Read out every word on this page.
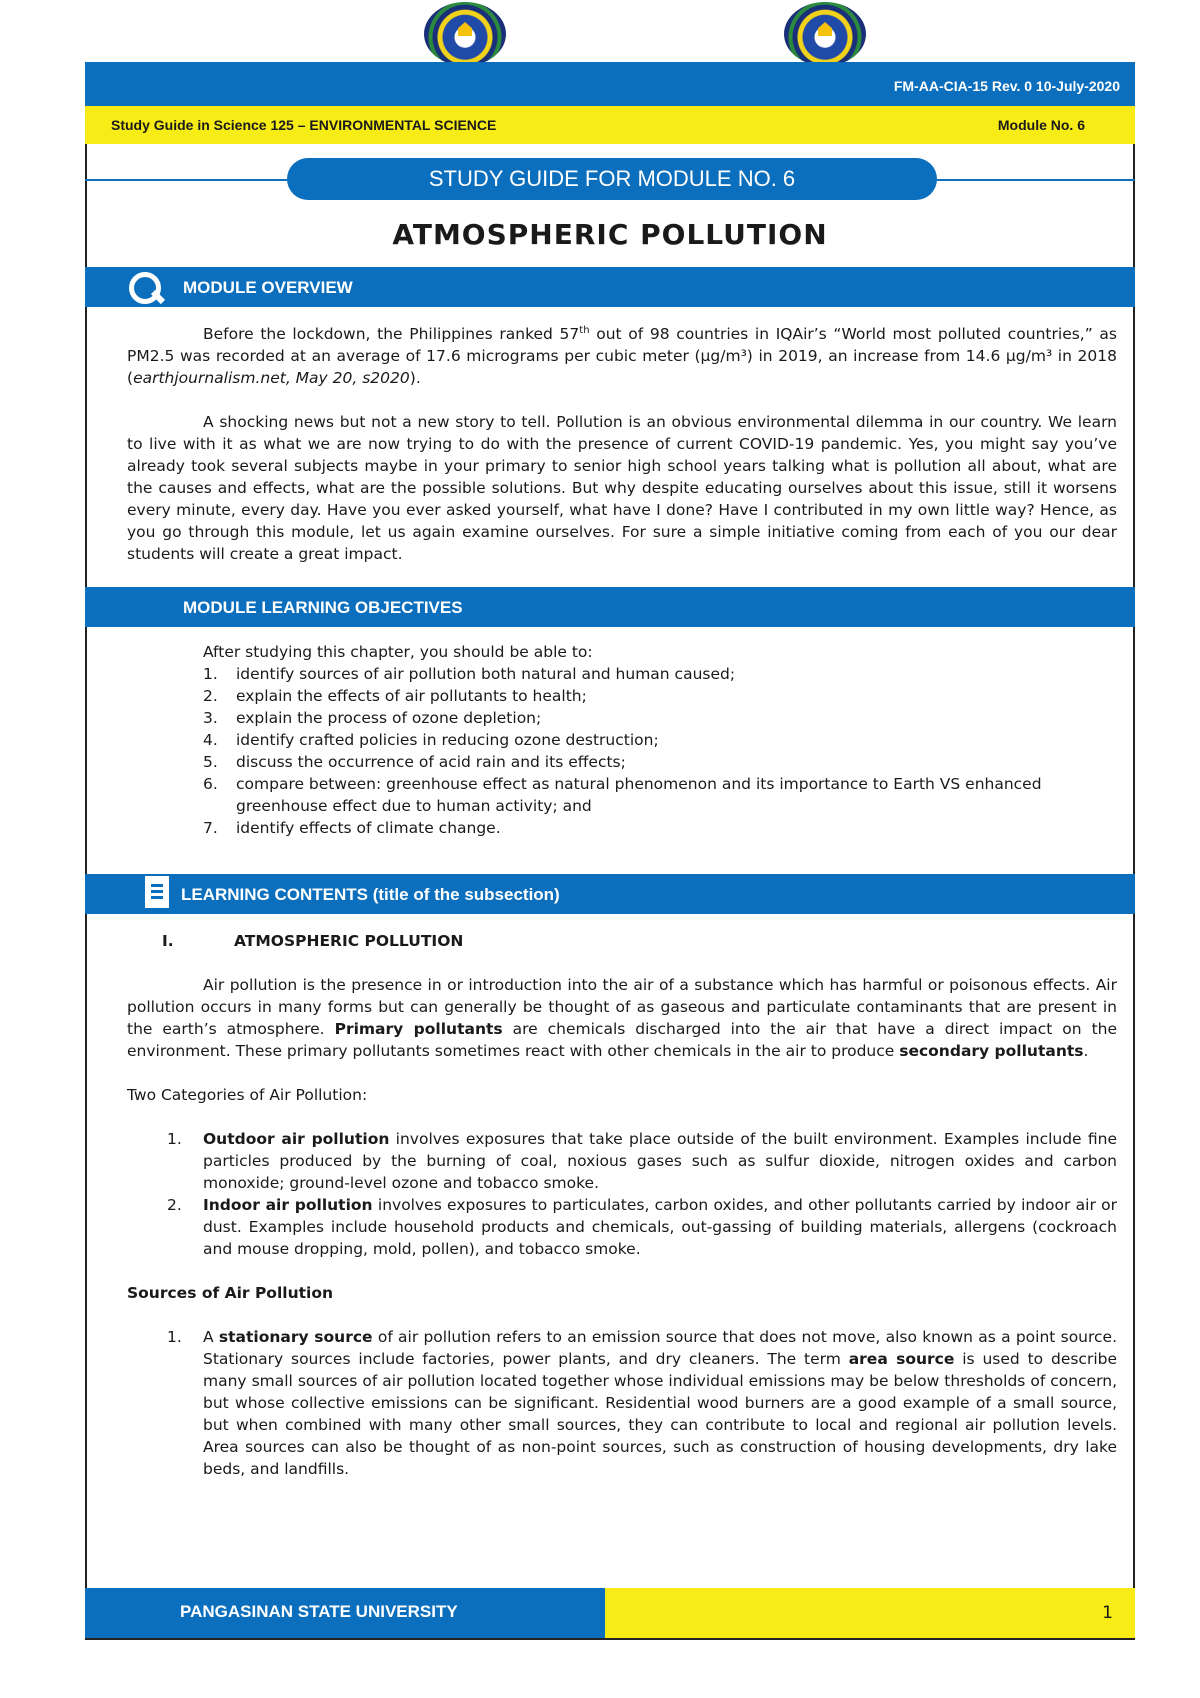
FM-AA-CIA-15 Rev. 0 10-July-2020
Study Guide in Science 125 – ENVIRONMENTAL SCIENCE	Module No. 6
STUDY GUIDE FOR MODULE NO. 6
ATMOSPHERIC POLLUTION
MODULE OVERVIEW

Before the lockdown, the Philippines ranked 57th out of 98 countries in IQAir’s “World most polluted countries,” as PM2.5 was recorded at an average of 17.6 micrograms per cubic meter (µg/m³) in 2019, an increase from 14.6 µg/m³ in 2018 (earthjournalism.net, May 20, s2020).

A shocking news but not a new story to tell. Pollution is an obvious environmental dilemma in our country. We learn to live with it as what we are now trying to do with the presence of current COVID-19 pandemic. Yes, you might say you’ve already took several subjects maybe in your primary to senior high school years talking what is pollution all about, what are the causes and effects, what are the possible solutions. But why despite educating ourselves about this issue, still it worsens every minute, every day. Have you ever asked yourself, what have I done? Have I contributed in my own little way? Hence, as you go through this module, let us again examine ourselves. For sure a simple initiative coming from each of you our dear students will create a great impact.

MODULE LEARNING OBJECTIVES
After studying this chapter, you should be able to:
1. identify sources of air pollution both natural and human caused;
2. explain the effects of air pollutants to health;
3. explain the process of ozone depletion;
4. identify crafted policies in reducing ozone destruction;
5. discuss the occurrence of acid rain and its effects;
6. compare between: greenhouse effect as natural phenomenon and its importance to Earth VS enhanced greenhouse effect due to human activity; and
7. identify effects of climate change.
LEARNING CONTENTS (title of the subsection)
I.	ATMOSPHERIC POLLUTION

Air pollution is the presence in or introduction into the air of a substance which has harmful or poisonous effects. Air pollution occurs in many forms but can generally be thought of as gaseous and particulate contaminants that are present in the earth’s atmosphere. Primary pollutants are chemicals discharged into the air that have a direct impact on the environment. These primary pollutants sometimes react with other chemicals in the air to produce secondary pollutants.

Two Categories of Air Pollution:
1. Outdoor air pollution involves exposures that take place outside of the built environment. Examples include fine particles produced by the burning of coal, noxious gases such as sulfur dioxide, nitrogen oxides and carbon monoxide; ground-level ozone and tobacco smoke.
2. Indoor air pollution involves exposures to particulates, carbon oxides, and other pollutants carried by indoor air or dust. Examples include household products and chemicals, out-gassing of building materials, allergens (cockroach and mouse dropping, mold, pollen), and tobacco smoke.
Sources of Air Pollution
1. A stationary source of air pollution refers to an emission source that does not move, also known as a point source. Stationary sources include factories, power plants, and dry cleaners. The term area source is used to describe many small sources of air pollution located together whose individual emissions may be below thresholds of concern, but whose collective emissions can be significant. Residential wood burners are a good example of a small source, but when combined with many other small sources, they can contribute to local and regional air pollution levels. Area sources can also be thought of as non-point sources, such as construction of housing developments, dry lake beds, and landfills.
PANGASINAN STATE UNIVERSITY	1
